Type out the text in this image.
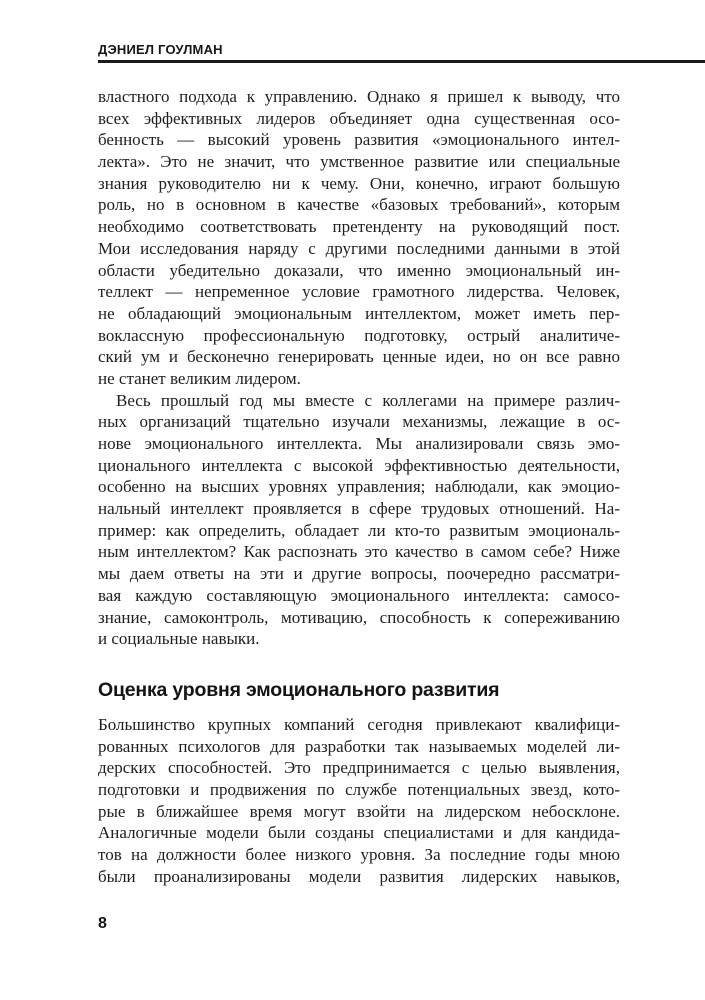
ДЭНИЕЛ ГОУЛМАН
властного подхода к управлению. Однако я пришел к выводу, что
всех эффективных лидеров объединяет одна существенная осо-
бенность — высокий уровень развития «эмоционального интел-
лекта». Это не значит, что умственное развитие или специальные
знания руководителю ни к чему. Они, конечно, играют большую
роль, но в основном в качестве «базовых требований», которым
необходимо соответствовать претенденту на руководящий пост.
Мои исследования наряду с другими последними данными в этой
области убедительно доказали, что именно эмоциональный ин-
теллект — непременное условие грамотного лидерства. Человек,
не обладающий эмоциональным интеллектом, может иметь пер-
воклассную профессиональную подготовку, острый аналитиче-
ский ум и бесконечно генерировать ценные идеи, но он все равно
не станет великим лидером.
Весь прошлый год мы вместе с коллегами на примере различ-
ных организаций тщательно изучали механизмы, лежащие в ос-
нове эмоционального интеллекта. Мы анализировали связь эмо-
ционального интеллекта с высокой эффективностью деятельности,
особенно на высших уровнях управления; наблюдали, как эмоцио-
нальный интеллект проявляется в сфере трудовых отношений. На-
пример: как определить, обладает ли кто-то развитым эмоциональ-
ным интеллектом? Как распознать это качество в самом себе? Ниже
мы даем ответы на эти и другие вопросы, поочередно рассматри-
вая каждую составляющую эмоционального интеллекта: самосо-
знание, самоконтроль, мотивацию, способность к сопереживанию
и социальные навыки.
Оценка уровня эмоционального развития
Большинство крупных компаний сегодня привлекают квалифици-
рованных психологов для разработки так называемых моделей ли-
дерских способностей. Это предпринимается с целью выявления,
подготовки и продвижения по службе потенциальных звезд, кото-
рые в ближайшее время могут взойти на лидерском небосклоне.
Аналогичные модели были созданы специалистами и для кандида-
тов на должности более низкого уровня. За последние годы мною
были проанализированы модели развития лидерских навыков,
8
